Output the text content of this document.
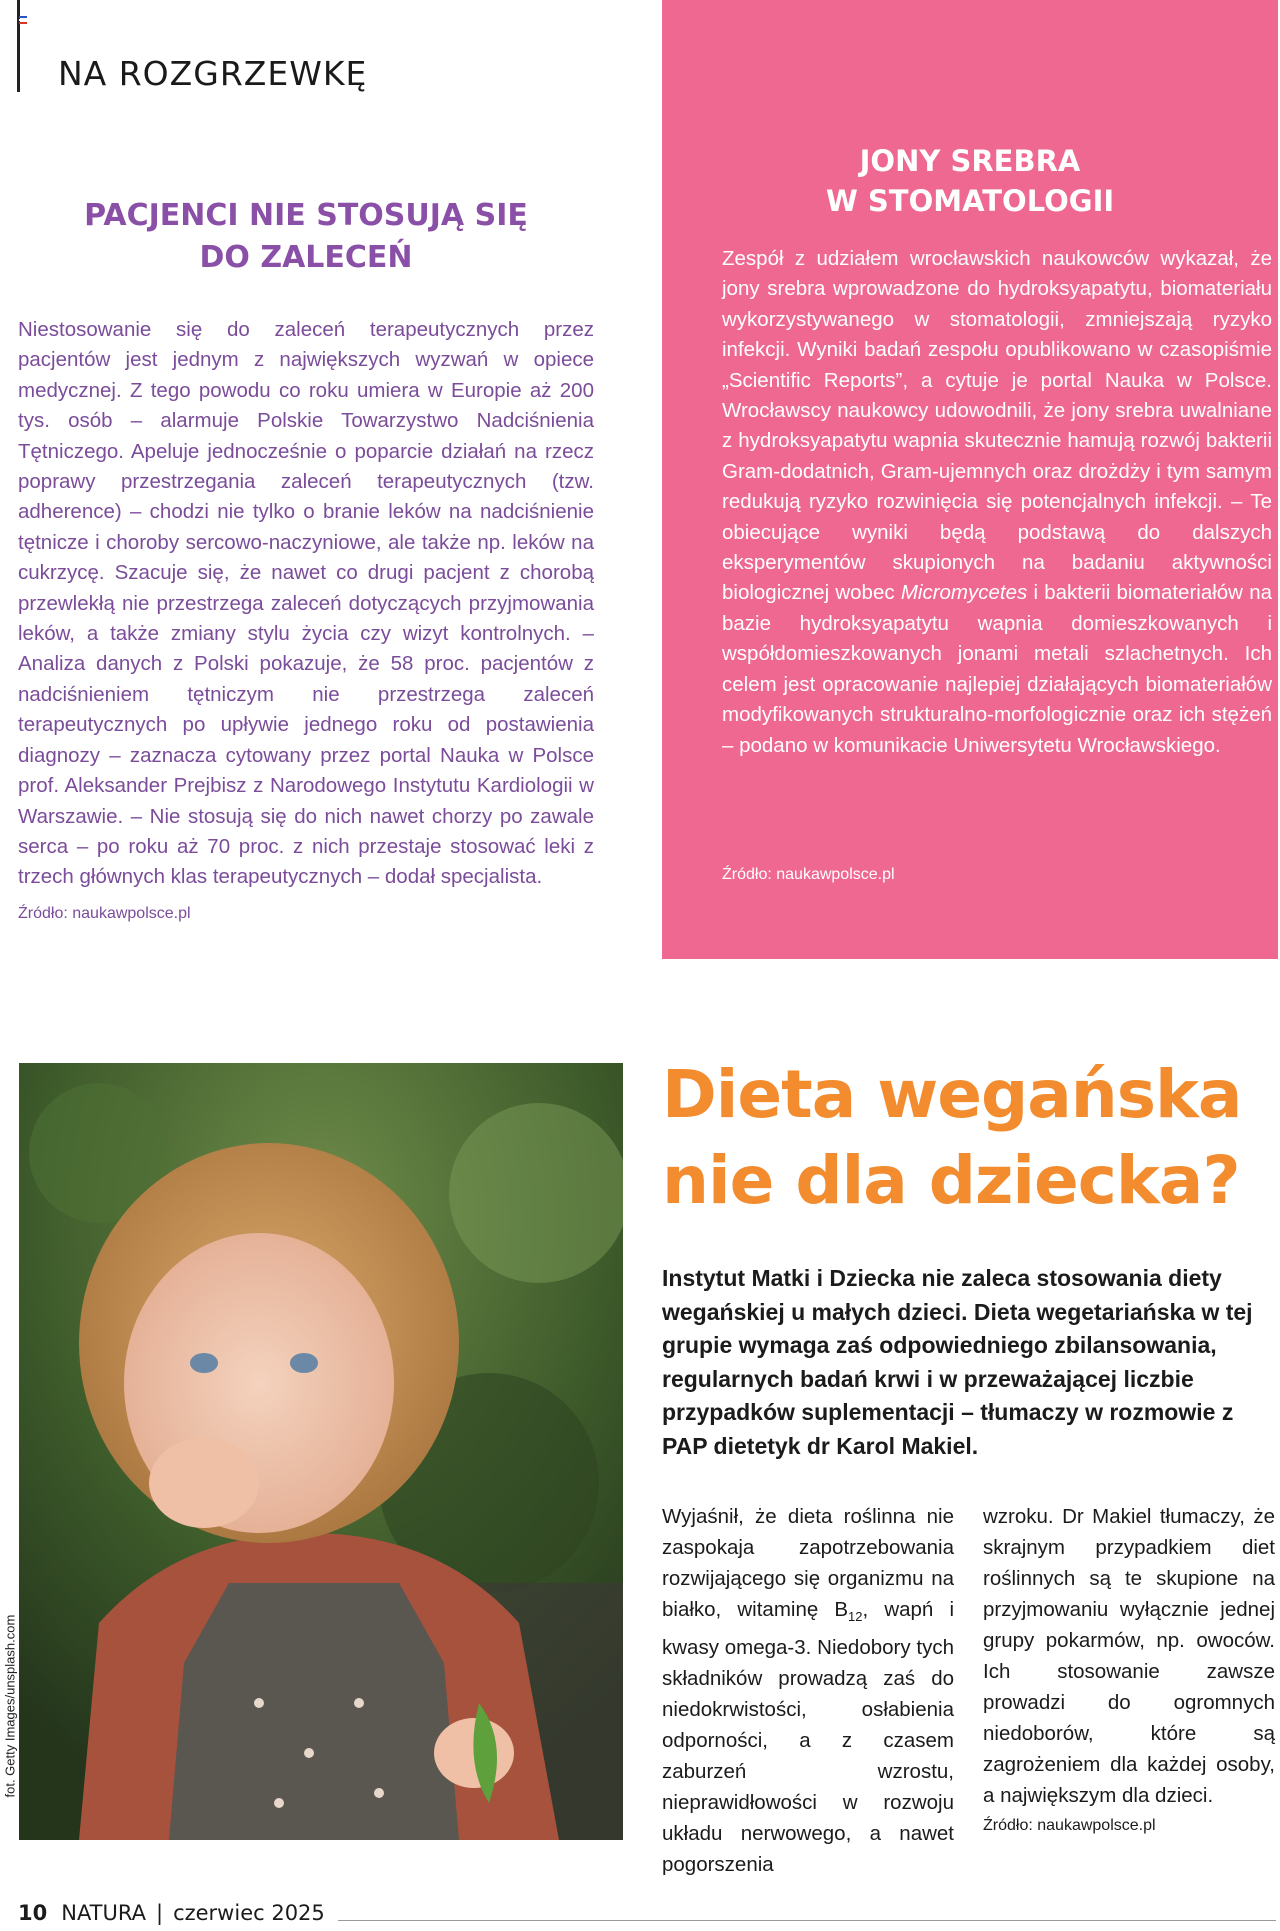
NA ROZGRZEWKĘ
PACJENCI NIE STOSUJĄ SIĘ
DO ZALECEŃ

Niestosowanie się do zaleceń terapeutycznych przez pacjentów jest jednym z największych wyzwań w opiece medycznej. Z tego powodu co roku umiera w Europie aż 200 tys. osób – alarmuje Polskie Towarzystwo Nadciśnienia Tętniczego. Apeluje jednocześnie o poparcie działań na rzecz poprawy przestrzegania zaleceń terapeutycznych (tzw. adherence) – chodzi nie tylko o branie leków na nadciśnienie tętnicze i choroby sercowo-naczyniowe, ale także np. leków na cukrzycę. Szacuje się, że nawet co drugi pacjent z chorobą przewlekłą nie przestrzega zaleceń dotyczących przyjmowania leków, a także zmiany stylu życia czy wizyt kontrolnych. – Analiza danych z Polski pokazuje, że 58 proc. pacjentów z nadciśnieniem tętniczym nie przestrzega zaleceń terapeutycznych po upływie jednego roku od postawienia diagnozy – zaznacza cytowany przez portal Nauka w Polsce prof. Aleksander Prejbisz z Narodowego Instytutu Kardiologii w Warszawie. – Nie stosują się do nich nawet chorzy po zawale serca – po roku aż 70 proc. z nich przestaje stosować leki z trzech głównych klas terapeutycznych – dodał specjalista.

Źródło: naukawpolsce.pl
JONY SREBRA
W STOMATOLOGII

Zespół z udziałem wrocławskich naukowców wykazał, że jony srebra wprowadzone do hydroksyapatytu, biomateriału wykorzystywanego w stomatologii, zmniejszają ryzyko infekcji. Wyniki badań zespołu opublikowano w czasopiśmie „Scientific Reports”, a cytuje je portal Nauka w Polsce. Wrocławscy naukowcy udowodnili, że jony srebra uwalniane z hydroksyapatytu wapnia skutecznie hamują rozwój bakterii Gram-dodatnich, Gram-ujemnych oraz drożdży i tym samym redukują ryzyko rozwinięcia się potencjalnych infekcji. – Te obiecujące wyniki będą podstawą do dalszych eksperymentów skupionych na badaniu aktywności biologicznej wobec Micromycetes i bakterii biomateriałów na bazie hydroksyapatytu wapnia domieszkowanych i współdomieszkowanych jonami metali szlachetnych. Ich celem jest opracowanie najlepiej działających biomateriałów modyfikowanych strukturalno-morfologicznie oraz ich stężeń – podano w komunikacie Uniwersytetu Wrocławskiego.

Źródło: naukawpolsce.pl
fot. Getty Images/unsplash.com
Dieta wegańska
nie dla dziecka?

Instytut Matki i Dziecka nie zaleca stosowania diety wegańskiej u małych dzieci. Dieta wegetariańska w tej grupie wymaga zaś odpowiedniego zbilansowania, regularnych badań krwi i w przeważającej liczbie przypadków suplementacji – tłumaczy w rozmowie z PAP dietetyk dr Karol Makiel.

Wyjaśnił, że dieta roślinna nie zaspokaja zapotrzebowania rozwijającego się organizmu na białko, witaminę $B_{12}$, wapń i kwasy omega-3. Niedobory tych składników prowadzą zaś do niedokrwistości, osłabienia odporności, a z czasem zaburzeń wzrostu, nieprawidłowości w rozwoju układu nerwowego, a nawet pogorszenia

wzroku. Dr Makiel tłumaczy, że skrajnym przypadkiem diet roślinnych są te skupione na przyjmowaniu wyłącznie jednej grupy pokarmów, np. owoców. Ich stosowanie zawsze prowadzi do ogromnych niedoborów, które są zagrożeniem dla każdej osoby, a największym dla dzieci.

Źródło: naukawpolsce.pl
10 NATURA | czerwiec 2025
